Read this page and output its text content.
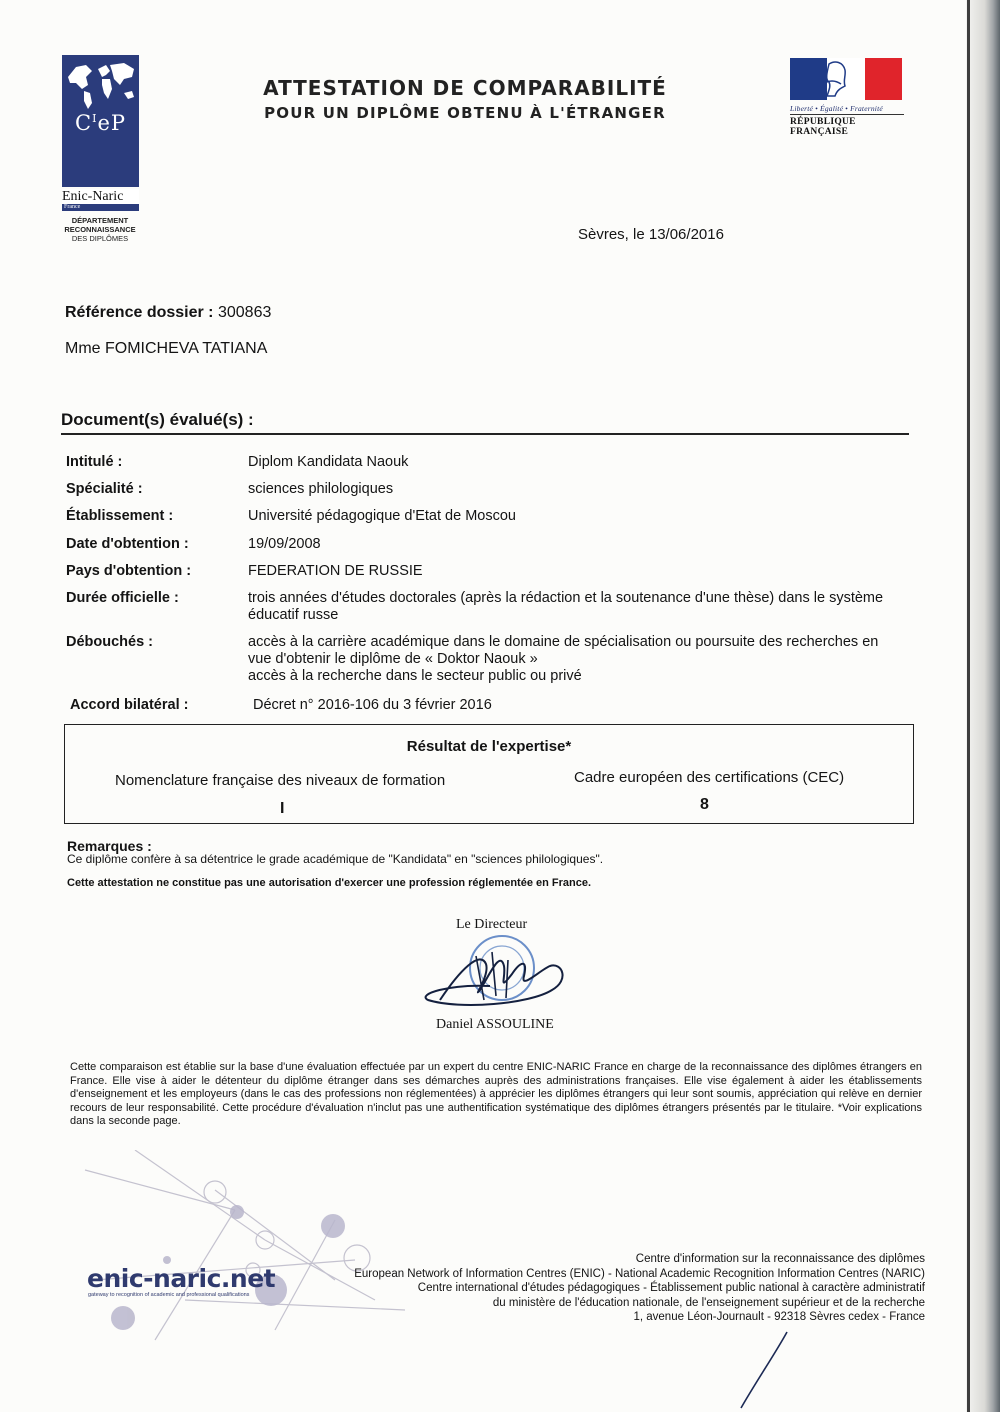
$C^IeP$
Enic-Naric
France
DÉPARTEMENT
RECONNAISSANCE
DES DIPLÔMES
ATTESTATION DE COMPARABILITÉ
POUR UN DIPLÔME OBTENU À L'ÉTRANGER	Liberté • Égalité • Fraternité
RÉPUBLIQUE FRANÇAISE
Sèvres, le 13/06/2016
Référence dossier : 300863
Mme FOMICHEVA TATIANA
Document(s) évalué(s) :
Intitulé :	Diplom Kandidata Naouk
Spécialité :	sciences philologiques
Établissement :	Université pédagogique d'Etat de Moscou
Date d'obtention :	19/09/2008
Pays d'obtention :	FEDERATION DE RUSSIE
Durée officielle :	trois années d'études doctorales (après la rédaction et la soutenance d'une thèse) dans le système
éducatif russe
Débouchés :	accès à la carrière académique dans le domaine de spécialisation ou poursuite des recherches en
vue d'obtenir le diplôme de « Doktor Naouk »
accès à la recherche dans le secteur public ou privé
Accord bilatéral :	Décret n° 2016-106 du 3 février 2016
Résultat de l'expertise*
Nomenclature française des niveaux de formation	Cadre européen des certifications (CEC)
I	8
Remarques :
Ce diplôme confère à sa détentrice le grade académique de "Kandidata" en "sciences philologiques".
Cette attestation ne constitue pas une autorisation d'exercer une profession réglementée en France.
Le Directeur
Daniel ASSOULINE
Cette comparaison est établie sur la base d'une évaluation effectuée par un expert du centre ENIC-NARIC France en charge de la reconnaissance des diplômes étrangers en France. Elle vise à aider le détenteur du diplôme étranger dans ses démarches auprès des administrations françaises. Elle vise également à aider les établissements d'enseignement et les employeurs (dans le cas des professions non réglementées) à apprécier les diplômes étrangers qui leur sont soumis, appréciation qui relève en dernier recours de leur responsabilité. Cette procédure d'évaluation n'inclut pas une authentification systématique des diplômes étrangers présentés par le titulaire. *Voir explications dans la seconde page.
enic-naric.net
gateway to recognition of academic and professional qualifications
Centre d'information sur la reconnaissance des diplômes
European Network of Information Centres (ENIC) - National Academic Recognition Information Centres (NARIC)
Centre international d'études pédagogiques - Établissement public national à caractère administratif
du ministère de l'éducation nationale, de l'enseignement supérieur et de la recherche
1, avenue Léon-Journault - 92318 Sèvres cedex - France
